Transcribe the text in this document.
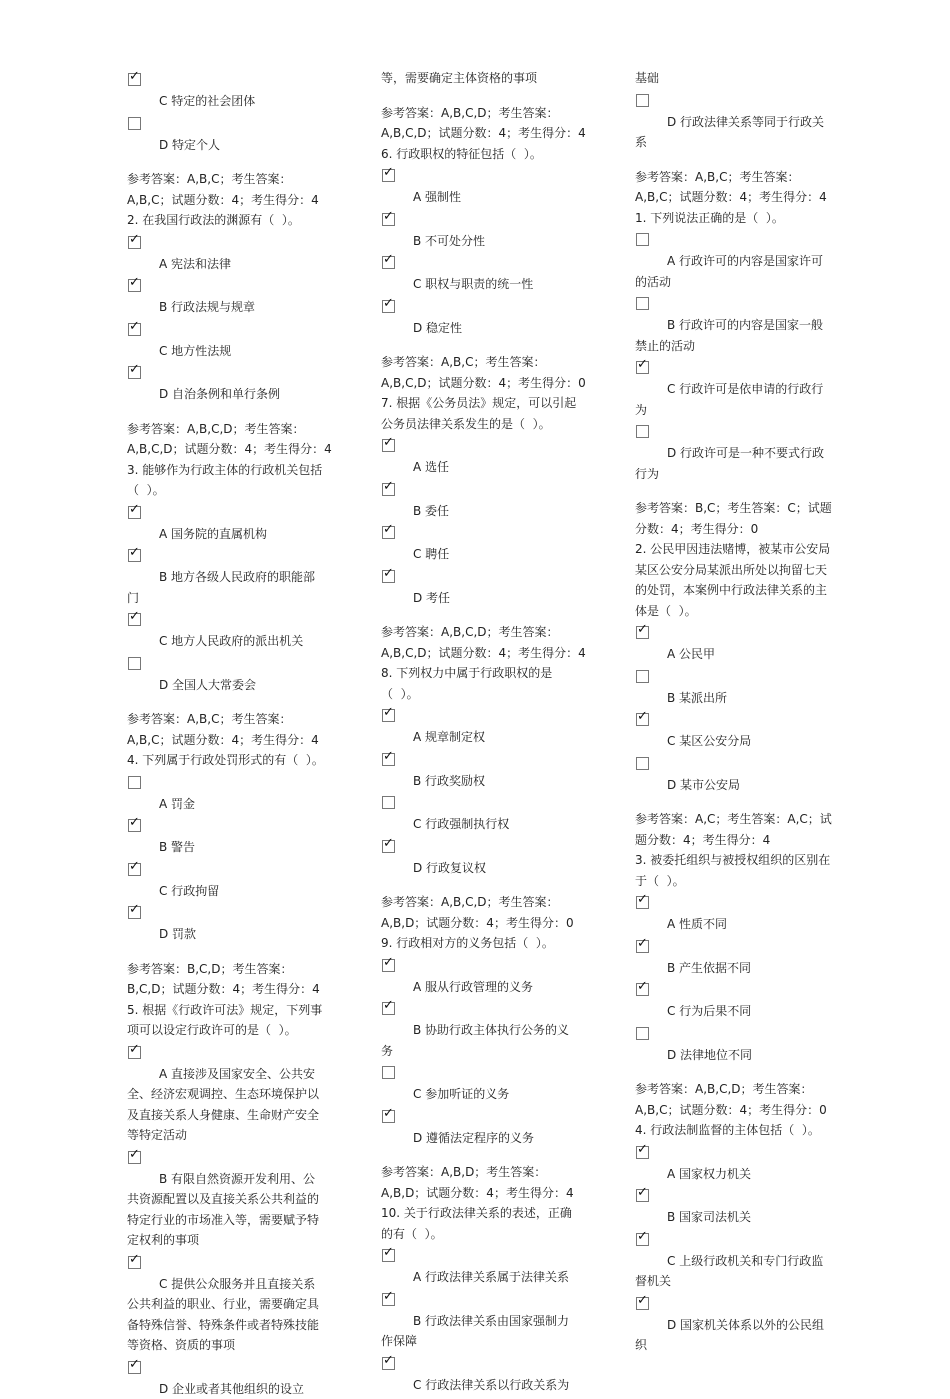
✓
C 特定的社会团体
D 特定个人
参考答案：A,B,C；考生答案：
A,B,C；试题分数：4；考生得分：4
2. 在我国行政法的渊源有（  ）。
✓
A 宪法和法律
✓
B 行政法规与规章
✓
C 地方性法规
✓
D 自治条例和单行条例
参考答案：A,B,C,D；考生答案：
A,B,C,D；试题分数：4；考生得分：4
3. 能够作为行政主体的行政机关包括
（  ）。
✓
A 国务院的直属机构
✓
B 地方各级人民政府的职能部
门
✓
C 地方人民政府的派出机关
D 全国人大常委会
参考答案：A,B,C；考生答案：
A,B,C；试题分数：4；考生得分：4
4. 下列属于行政处罚形式的有（  ）。
A 罚金
✓
B 警告
✓
C 行政拘留
✓
D 罚款
参考答案：B,C,D；考生答案：
B,C,D；试题分数：4；考生得分：4
5. 根据《行政许可法》规定，下列事
项可以设定行政许可的是（  ）。
✓
A 直接涉及国家安全、公共安
全、经济宏观调控、生态环境保护以
及直接关系人身健康、生命财产安全
等特定活动
✓
B 有限自然资源开发利用、公
共资源配置以及直接关系公共利益的
特定行业的市场准入等，需要赋予特
定权利的事项
✓
C 提供公众服务并且直接关系
公共利益的职业、行业，需要确定具
备特殊信誉、特殊条件或者特殊技能
等资格、资质的事项
✓
D 企业或者其他组织的设立
等，需要确定主体资格的事项
参考答案：A,B,C,D；考生答案：
A,B,C,D；试题分数：4；考生得分：4
6. 行政职权的特征包括（  ）。
✓
A 强制性
✓
B 不可处分性
✓
C 职权与职责的统一性
✓
D 稳定性
参考答案：A,B,C；考生答案：
A,B,C,D；试题分数：4；考生得分：0
7. 根据《公务员法》规定，可以引起
公务员法律关系发生的是（  ）。
✓
A 选任
✓
B 委任
✓
C 聘任
✓
D 考任
参考答案：A,B,C,D；考生答案：
A,B,C,D；试题分数：4；考生得分：4
8. 下列权力中属于行政职权的是
（  ）。
✓
A 规章制定权
✓
B 行政奖励权
C 行政强制执行权
✓
D 行政复议权
参考答案：A,B,C,D；考生答案：
A,B,D；试题分数：4；考生得分：0
9. 行政相对方的义务包括（  ）。
✓
A 服从行政管理的义务
✓
B 协助行政主体执行公务的义
务
C 参加听证的义务
✓
D 遵循法定程序的义务
参考答案：A,B,D；考生答案：
A,B,D；试题分数：4；考生得分：4
10. 关于行政法律关系的表述，正确
的有（  ）。
✓
A 行政法律关系属于法律关系
✓
B 行政法律关系由国家强制力
作保障
✓
C 行政法律关系以行政关系为
基础
D 行政法律关系等同于行政关
系
参考答案：A,B,C；考生答案：
A,B,C；试题分数：4；考生得分：4
1. 下列说法正确的是（  ）。
A 行政许可的内容是国家许可
的活动
B 行政许可的内容是国家一般
禁止的活动
✓
C 行政许可是依申请的行政行
为
D 行政许可是一种不要式行政
行为
参考答案：B,C；考生答案：C；试题
分数：4；考生得分：0
2. 公民甲因违法赌博，被某市公安局
某区公安分局某派出所处以拘留七天
的处罚，本案例中行政法律关系的主
体是（  ）。
✓
A 公民甲
B 某派出所
✓
C 某区公安分局
D 某市公安局
参考答案：A,C；考生答案：A,C；试
题分数：4；考生得分：4
3. 被委托组织与被授权组织的区别在
于（  ）。
✓
A 性质不同
✓
B 产生依据不同
✓
C 行为后果不同
D 法律地位不同
参考答案：A,B,C,D；考生答案：
A,B,C；试题分数：4；考生得分：0
4. 行政法制监督的主体包括（  ）。
✓
A 国家权力机关
✓
B 国家司法机关
✓
C 上级行政机关和专门行政监
督机关
✓
D 国家机关体系以外的公民组
织
